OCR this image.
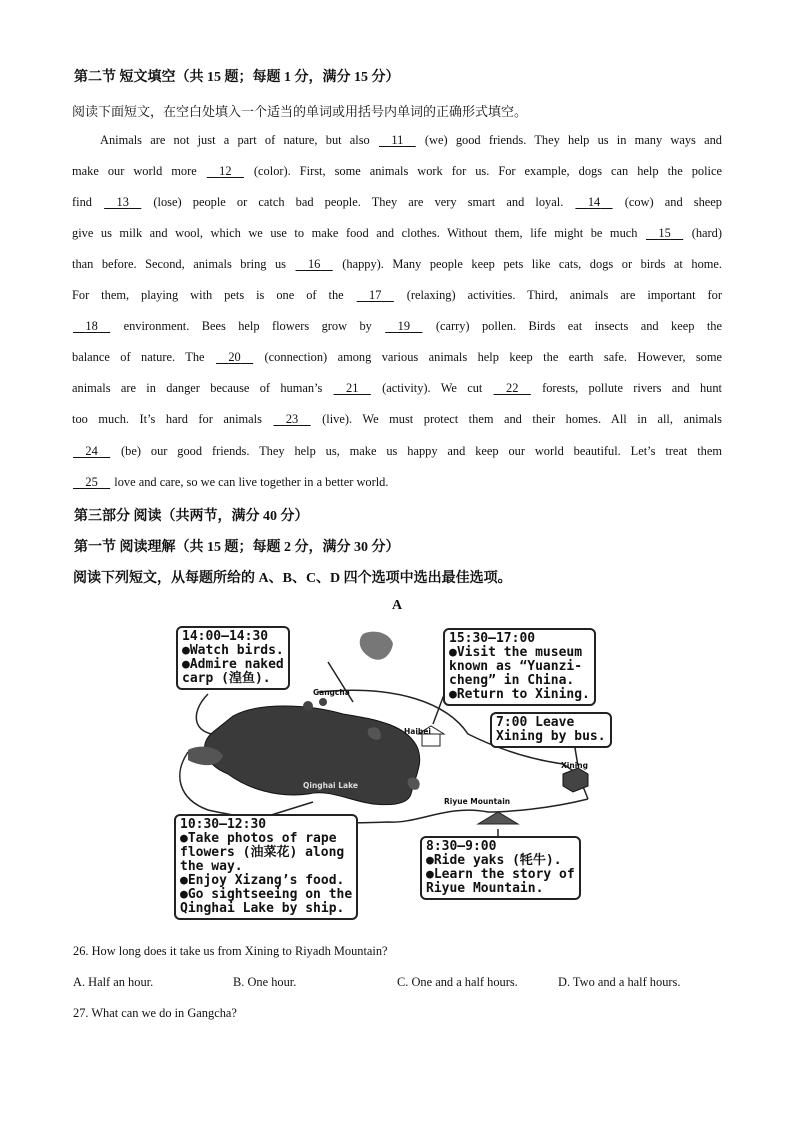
第二节 短文填空（共 15 题；每题 1 分，满分 15 分）
阅读下面短文，在空白处填入一个适当的单词或用括号内单词的正确形式填空。
Animals are not just a part of nature, but also 11 (we) good friends. They help us in many ways and
make our world more 12 (color). First, some animals work for us. For example, dogs can help the police
find 13 (lose) people or catch bad people. They are very smart and loyal. 14 (cow) and sheep
give us milk and wool, which we use to make food and clothes. Without them, life might be much 15 (hard)
than before. Second, animals bring us 16 (happy). Many people keep pets like cats, dogs or birds at home.
For them, playing with pets is one of the 17 (relaxing) activities. Third, animals are important for
18 environment. Bees help flowers grow by 19 (carry) pollen. Birds eat insects and keep the
balance of nature. The 20 (connection) among various animals help keep the earth safe. However, some
animals are in danger because of human’s 21 (activity). We cut 22 forests, pollute rivers and hunt
too much. It’s hard for animals 23 (live). We must protect them and their homes. All in all, animals
24 (be) our good friends. They help us, make us happy and keep our world beautiful. Let’s treat them
25 love and care, so we can live together in a better world.
第三部分 阅读（共两节，满分 40 分）
第一节 阅读理解（共 15 题；每题 2 分，满分 30 分）
阅读下列短文，从每题所给的 A、B、C、D 四个选项中选出最佳选项。
A
14:00—14:30
●Watch birds.
●Admire naked
carp (湟鱼).
15:30—17:00
●Visit the museum
known as “Yuanzi-
cheng” in China.
●Return to Xining.
7:00 Leave
Xining by bus.
10:30—12:30
●Take photos of rape
flowers (油菜花) along
the way.
●Enjoy Xizang’s food.
●Go sightseeing on the
Qinghai Lake by ship.
8:30—9:00
●Ride yaks (牦牛).
●Learn the story of
Riyue Mountain.
Gangcha
Haibei
Xining
Riyue Mountain
Qinghai Lake
26. How long does it take us from Xining to Riyadh Mountain?
A. Half an hour.	B. One hour.	C. One and a half hours.	D. Two and a half hours.
27. What can we do in Gangcha?
